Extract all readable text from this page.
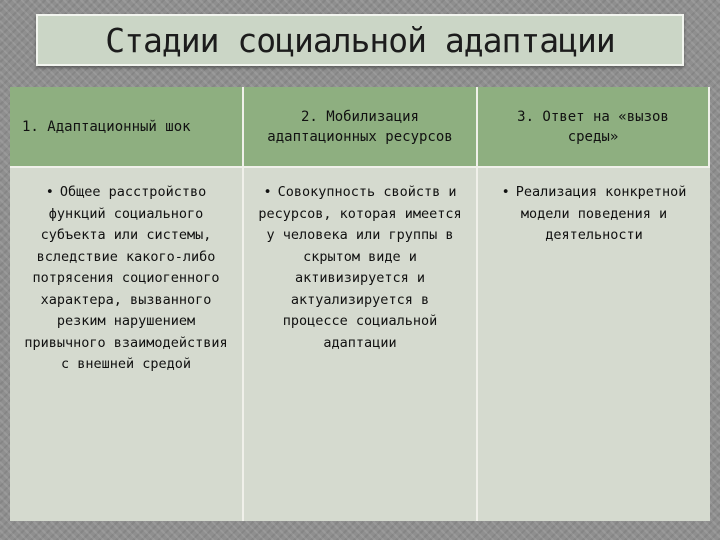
Стадии социальной адаптации
1. Адаптационный шок
2. Мобилизация адаптационных ресурсов
3. Ответ на «вызов среды»

• Общее расстройство функций социального субъекта или системы, вследствие какого-либо потрясения социогенного характера, вызванного резким нарушением привычного взаимодействия с внешней средой

• Совокупность свойств и ресурсов, которая имеется у человека или группы в скрытом виде и активизируется и актуализируется в процессе социальной адаптации

• Реализация конкретной модели поведения и деятельности
